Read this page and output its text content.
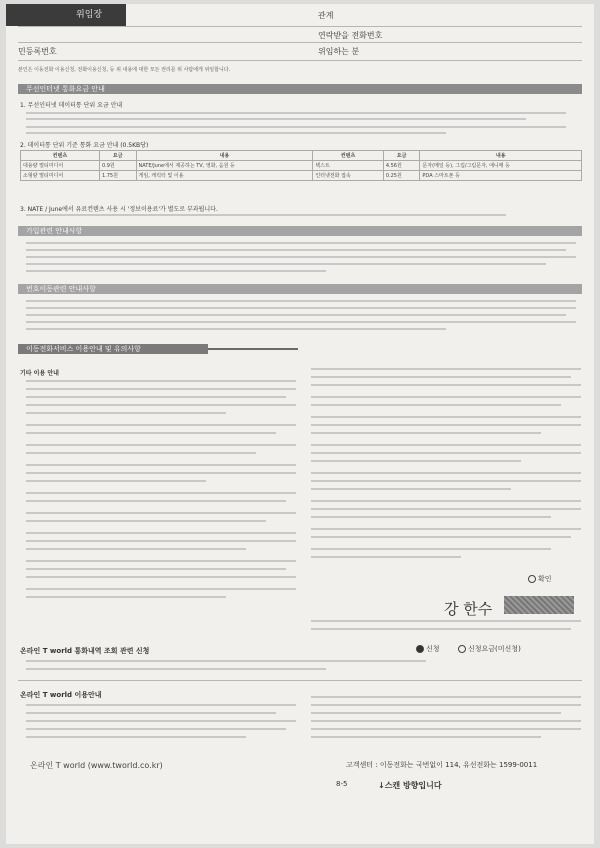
위임장	관계
연락받을 전화번호
민등록번호	위임하는 분
본인은 이동전화 이용신청, 전화이용신청, 등 위 내용에 대한 모든 권리를 위 사람에게 위임합니다.
무선인터넷 통화요금 안내
1. 무선인터넷 데이터통 단위 요금 안내
2. 데이터통 단위 기준 통화 요금 안내 (0.5KB당)
컨텐츠	요금	내용	컨텐츠	요금	내용
대용량 멀티미디어	0.9원	NATE/June에서 제공하는 TV, 영화, 음원 등	텍스트	4.56원	문자(메일 등), 그림/그림문자, 애니매 등
소형량 멀티미디어	1.75원	게임, 캐릭터 및 이용	인터넷전화 접속	0.25원	PDA 스마트폰 등
3. NATE / June에서 유료컨텐츠 사용 시 '정보이용료'가 별도로 부과됩니다.
가입관련 안내사항
번호이동관련 안내사항
이동전화서비스 이용안내 및 유의사항
기타 이용 안내
확인
강 한수
온라인 T world 통화내역 조회 관련 신청	신청	신청요금(미신청)
온라인 T world 이용안내
온라인 T world (www.tworld.co.kr)	고객센터 : 이동전화는 국번없이 114, 유선전화는 1599-0011
8-5	↓스캔 방향입니다
